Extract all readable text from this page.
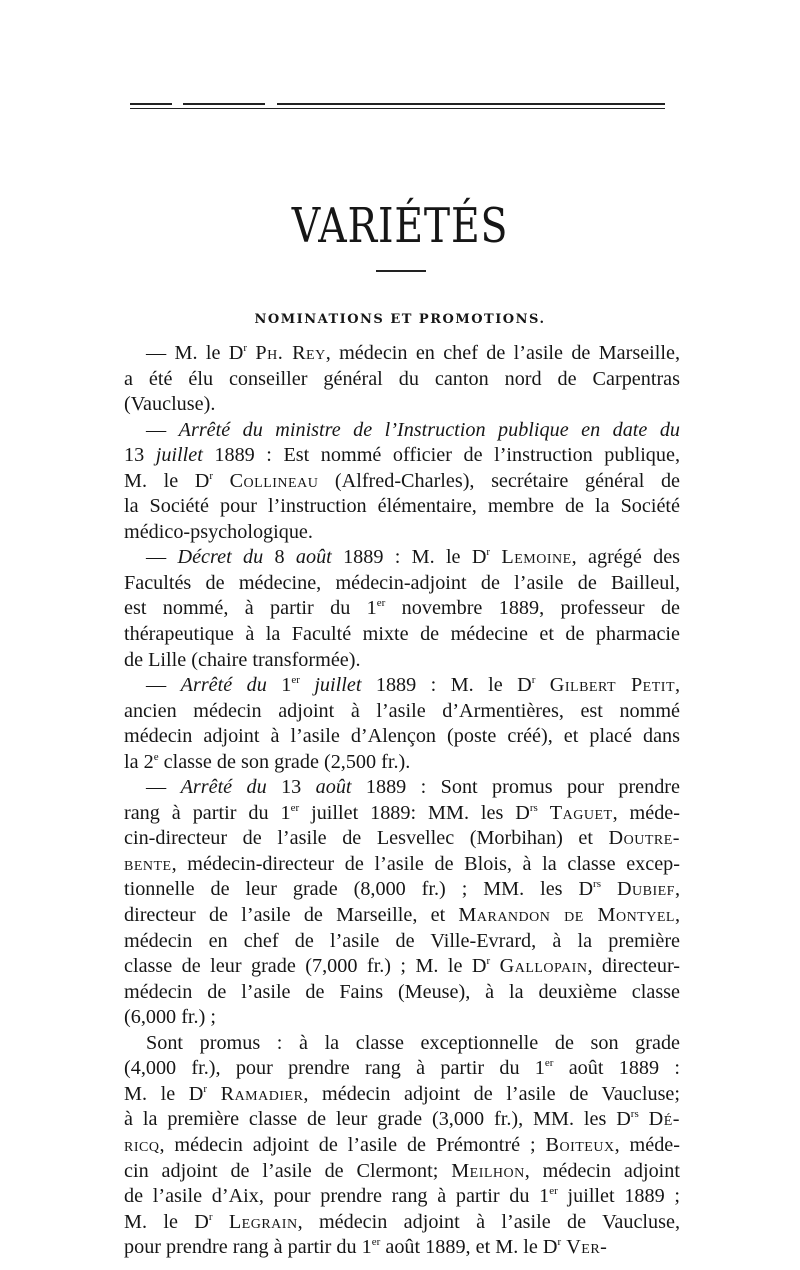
VARIÉTÉS
NOMINATIONS ET PROMOTIONS.
— M. le $D^r$ Ph. Rey, médecin en chef de l’asile de Marseille,
a été élu conseiller général du canton nord de Carpentras
(Vaucluse).
— Arrêté du ministre de l’Instruction publique en date du
13 juillet 1889 : Est nommé officier de l’instruction publique,
M. le $D^r$ Collineau (Alfred-Charles), secrétaire général de
la Société pour l’instruction élémentaire, membre de la Société
médico-psychologique.
— Décret du 8 août 1889 : M. le $D^r$ Lemoine, agrégé des
Facultés de médecine, médecin-adjoint de l’asile de Bailleul,
est nommé, à partir du 1er novembre 1889, professeur de
thérapeutique à la Faculté mixte de médecine et de pharmacie
de Lille (chaire transformée).
— Arrêté du 1er juillet 1889 : M. le $D^r$ Gilbert Petit,
ancien médecin adjoint à l’asile d’Armentières, est nommé
médecin adjoint à l’asile d’Alençon (poste créé), et placé dans
la 2e classe de son grade (2,500 fr.).
— Arrêté du 13 août 1889 : Sont promus pour prendre
rang à partir du 1er juillet 1889: MM. les $D^{rs}$ Taguet, méde-
cin-directeur de l’asile de Lesvellec (Morbihan) et Doutre-
bente, médecin-directeur de l’asile de Blois, à la classe excep-
tionnelle de leur grade (8,000 fr.) ; MM. les $D^{rs}$ Dubief,
directeur de l’asile de Marseille, et Marandon de Montyel,
médecin en chef de l’asile de Ville-Evrard, à la première
classe de leur grade (7,000 fr.) ; M. le $D^r$ Gallopain, directeur-
médecin de l’asile de Fains (Meuse), à la deuxième classe
(6,000 fr.) ;
Sont promus : à la classe exceptionnelle de son grade
(4,000 fr.), pour prendre rang à partir du 1er août 1889 :
M. le $D^r$ Ramadier, médecin adjoint de l’asile de Vaucluse;
à la première classe de leur grade (3,000 fr.), MM. les $D^{rs}$ Dé-
ricq, médecin adjoint de l’asile de Prémontré ; Boiteux, méde-
cin adjoint de l’asile de Clermont; Meilhon, médecin adjoint
de l’asile d’Aix, pour prendre rang à partir du 1er juillet 1889 ;
M. le $D^r$ Legrain, médecin adjoint à l’asile de Vaucluse,
pour prendre rang à partir du 1er août 1889, et M. le $D^r$ Ver-
